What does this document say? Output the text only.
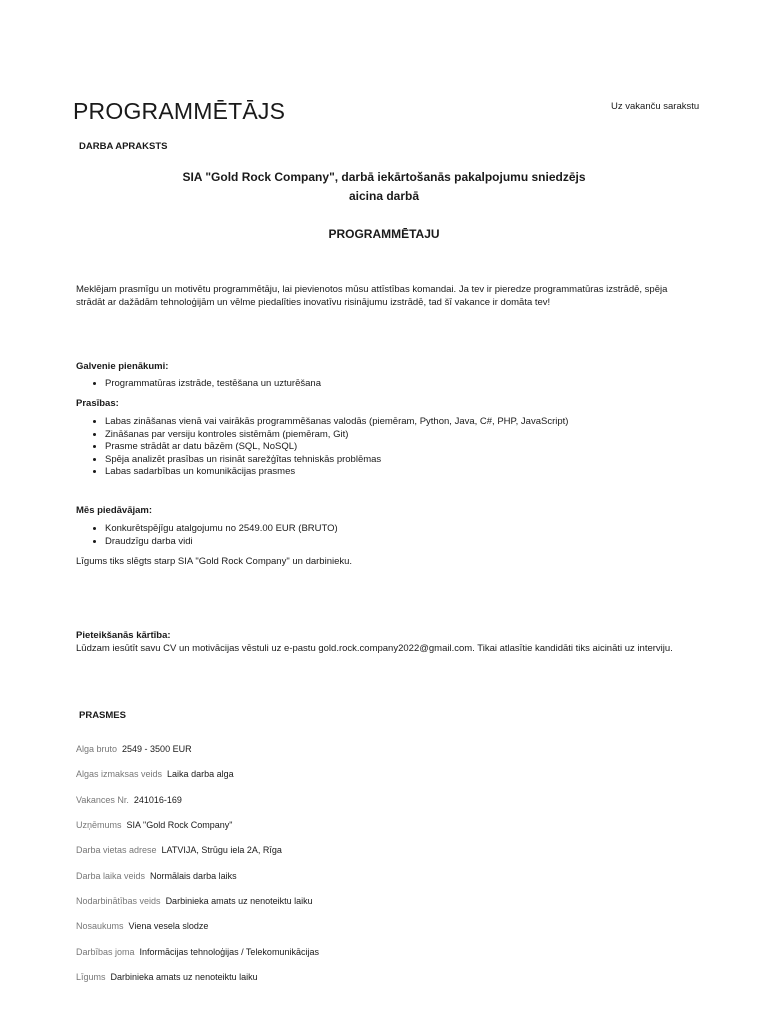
PROGRAMMĒTĀJS	Uz vakanču sarakstu
DARBA APRAKSTS
SIA "Gold Rock Company", darbā iekārtošanās pakalpojumu sniedzējs
aicina darbā
PROGRAMMĒTAJU

Meklējam prasmīgu un motivētu programmētāju, lai pievienotos mūsu attīstības komandai. Ja tev ir pieredze programmatūras izstrādē, spēja
strādāt ar dažādām tehnoloģijām un vēlme piedalīties inovatīvu risinājumu izstrādē, tad šī vakance ir domāta tev!

Galvenie pienākumi:

• Programmatūras izstrāde, testēšana un uzturēšana

Prasības:

• Labas zināšanas vienā vai vairākās programmēšanas valodās (piemēram, Python, Java, C#, PHP, JavaScript)
• Zināšanas par versiju kontroles sistēmām (piemēram, Git)
• Prasme strādāt ar datu bāzēm (SQL, NoSQL)
• Spēja analizēt prasības un risināt sarežģītas tehniskās problēmas
• Labas sadarbības un komunikācijas prasmes

Mēs piedāvājam:

• Konkurētspējīgu atalgojumu no 2549.00 EUR (BRUTO)
• Draudzīgu darba vidi

Līgums tiks slēgts starp SIA "Gold Rock Company" un darbinieku.

Pieteikšanās kārtība:

Lūdzam iesūtīt savu CV un motivācijas vēstuli uz e-pastu gold.rock.company2022@gmail.com. Tikai atlasītie kandidāti tiks aicināti uz interviju.

PRASMES
Alga bruto 2549 - 3500 EUR
Algas izmaksas veids Laika darba alga
Vakances Nr. 241016-169
Uzņēmums SIA "Gold Rock Company"
Darba vietas adrese LATVIJA, Strūgu iela 2A, Rīga
Darba laika veids Normālais darba laiks
Nodarbinātības veids Darbinieka amats uz nenoteiktu laiku
Nosaukums Viena vesela slodze
Darbības joma Informācijas tehnoloģijas / Telekomunikācijas
Līgums Darbinieka amats uz nenoteiktu laiku
